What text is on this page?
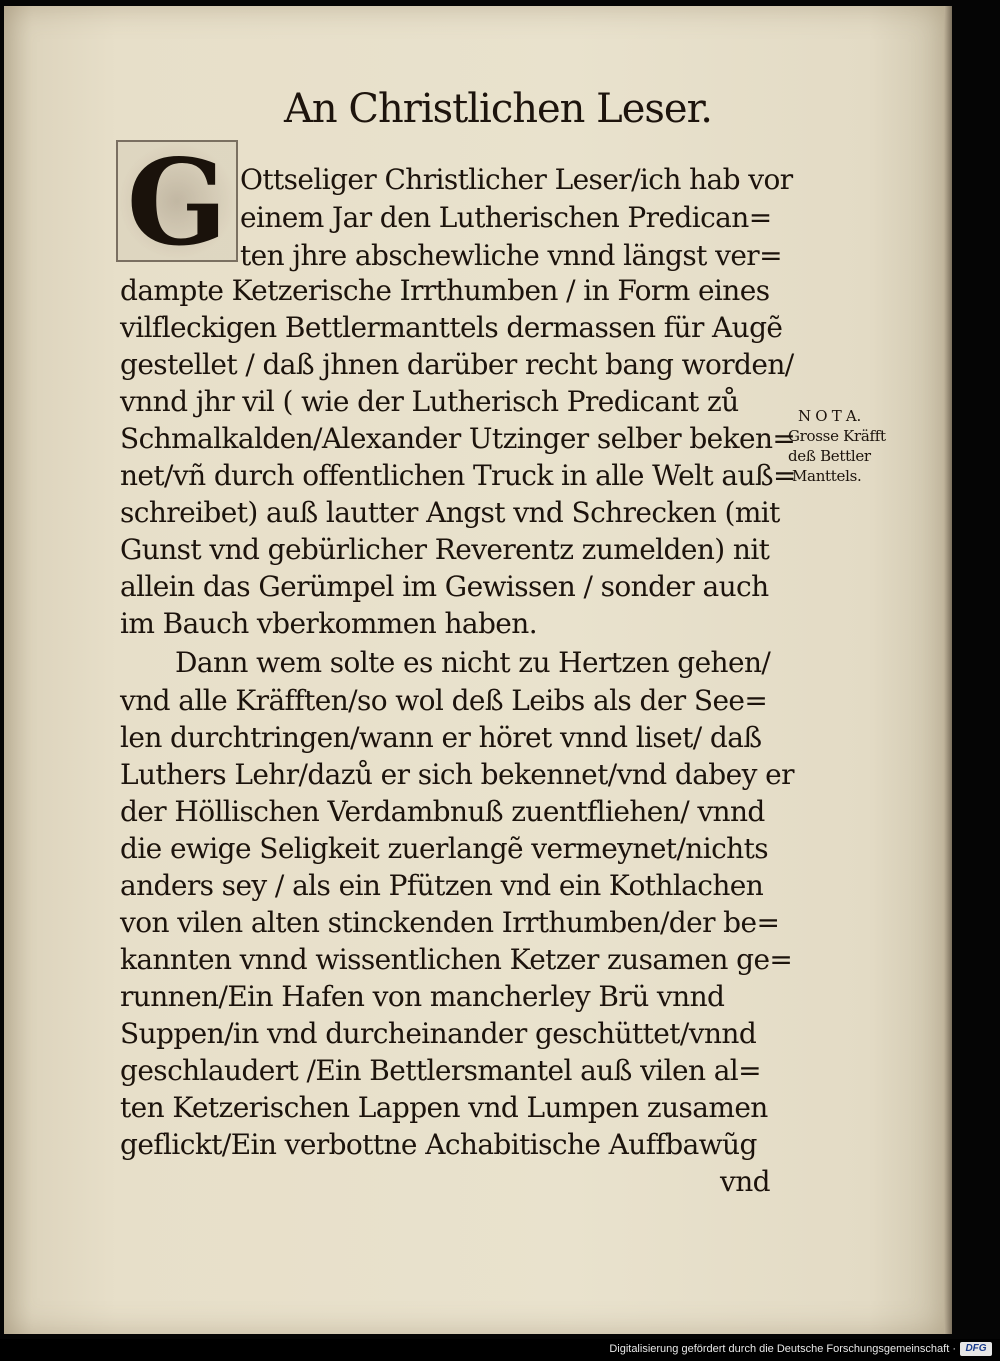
An Christlichen Leser.
G Ottseliger Christlicher Leser/ich hab vor
einem Jar den Lutherischen Predican=
ten jhre abschewliche vnnd längst ver=
dampte Ketzerische Irrthumben / in Form eines
vilfleckigen Bettlermanttels dermassen für Augẽ
gestellet / daß jhnen darüber recht bang worden/
vnnd jhr vil ( wie der Lutherisch Predicant zů
Schmalkalden/Alexander Utzinger selber beken=
net/vñ durch offentlichen Truck in alle Welt auß=
schreibet) auß lautter Angst vnd Schrecken (mit
Gunst vnd gebürlicher Reverentz zumelden) nit
allein das Gerümpel im Gewissen / sonder auch
im Bauch vberkommen haben.
Dann wem solte es nicht zu Hertzen gehen/
vnd alle Kräfften/so wol deß Leibs als der See=
len durchtringen/wann er höret vnnd liset/ daß
Luthers Lehr/dazů er sich bekennet/vnd dabey er
der Höllischen Verdambnuß zuentfliehen/ vnnd
die ewige Seligkeit zuerlangẽ vermeynet/nichts
anders sey / als ein Pfützen vnd ein Kothlachen
von vilen alten stinckenden Irrthumben/der be=
kannten vnnd wissentlichen Ketzer zusamen ge=
runnen/Ein Hafen von mancherley Brü vnnd
Suppen/in vnd durcheinander geschüttet/vnnd
geschlaudert /Ein Bettlersmantel auß vilen al=
ten Ketzerischen Lappen vnd Lumpen zusamen
geflickt/Ein verbottne Achabitische Auffbawũg
vnd
N O T A.
Grosse Kräfft
deß Bettler
Manttels.
Digitalisierung gefördert durch die Deutsche Forschungsgemeinschaft · DFG
